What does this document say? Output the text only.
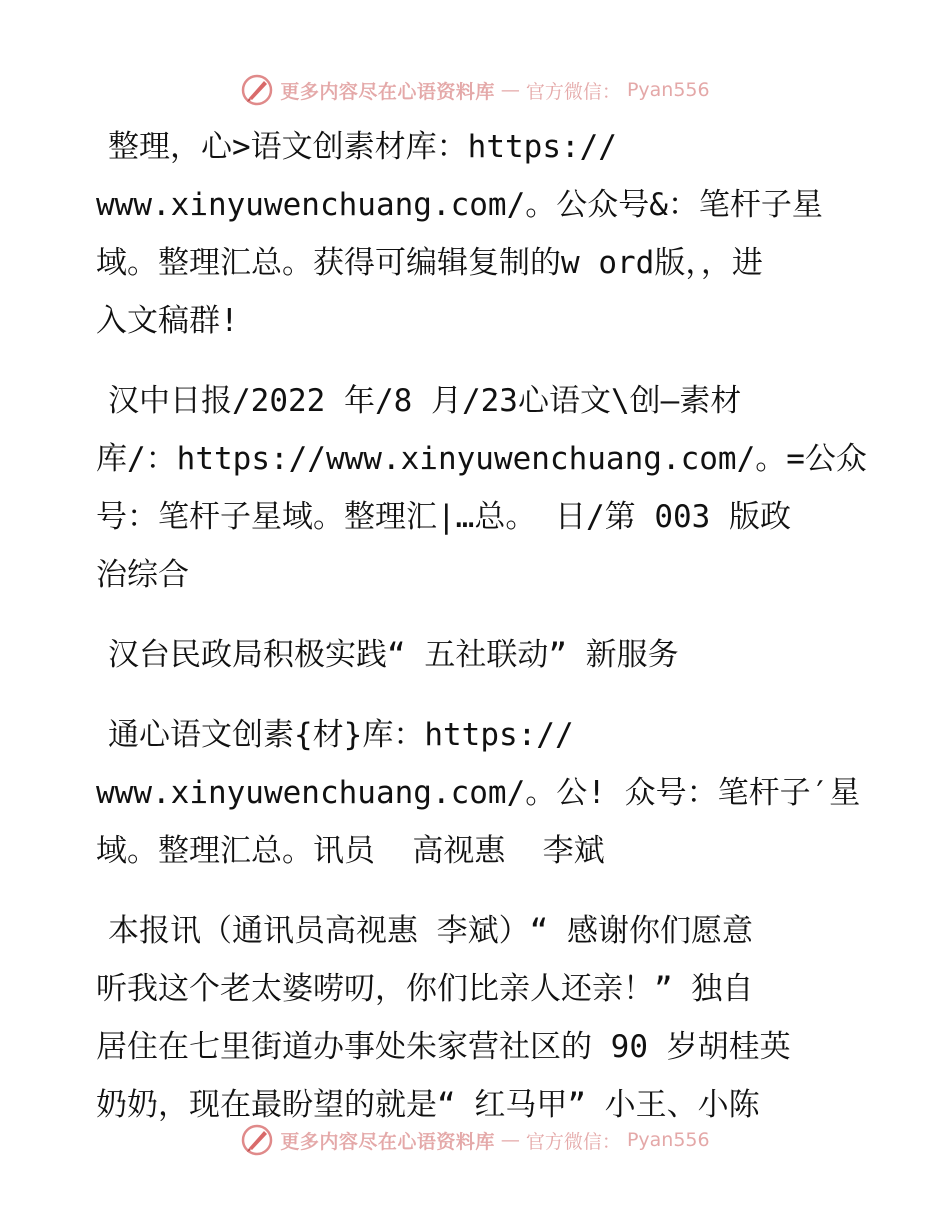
更多内容尽在心语资料库 — 官方微信： Pyan556
整理，心>语文创素材库：https://
www.xinyuwenchuang.com/。公众号&：笔杆子星
域。整理汇总。获得可编辑复制的w ord版，，进
入文稿群!
汉中日报/2022 年/8 月/23心语文\创—素材
库/：https://www.xinyuwenchuang.com/。=公众
号：笔杆子星域。整理汇|…总。 日/第 003 版政
治综合
汉台民政局积极实践“ 五社联动” 新服务
通心语文创素{材}库：https://
www.xinyuwenchuang.com/。公! 众号：笔杆子′星
域。整理汇总。讯员  高视惠  李斌
本报讯（通讯员高视惠 李斌）“ 感谢你们愿意
听我这个老太婆唠叨，你们比亲人还亲！” 独自
居住在七里街道办事处朱家营社区的 90 岁胡桂英
奶奶，现在最盼望的就是“ 红马甲” 小王、小陈
更多内容尽在心语资料库 — 官方微信： Pyan556
